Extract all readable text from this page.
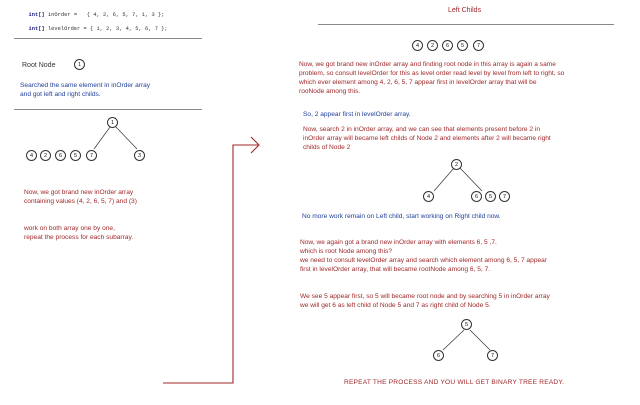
int[] inOrder =   { 4, 2, 6, 5, 7, 1, 3 };

int[] levelOrder = { 1, 2, 3, 4, 5, 6, 7 };

Root Node	1
Searched the same element in inOrder array
and got left and right childs.
1
4	2	6	5	7	3
Now, we got brand new inOrder array
containing values (4, 2, 6, 5, 7) and (3)
work on both array one by one,
repeat the process for each subarray.
Left Childs
4	2	6	5	7
Now, we got brand new inOrder array and finding root node in this array is again a same
problem, so consult levelOrder for this as level order read level by level from left to right, so
which ever element among 4, 2, 6, 5, 7 appear first in levelOrder array that will be
rooNode among this.
So, 2 appear first in levelOrder array.
Now, search 2 in inOrder array, and we can see that elements present before 2 in
inOrder array will became left childs of Node 2 and elements after 2 will became right
childs of Node 2
2
4	6	5	7
No more work remain on Left child, start working on Right child now.
Now, we again got a brand new inOrder array with elements 6, 5 ,7.
which is root Node among this?
we need to consult levelOrder array and search which element among 6, 5, 7 appear
first in levelOrder array, that will became rootNode among 6, 5, 7.
We see 5 appear first, so 5 will became root node and by searching 5 in inOrder array
we will get 6 as left child of Node 5 and 7 as right child of Node 5.
5
6	7
REPEAT THE PROCESS AND YOU WILL GET BINARY TREE READY.
